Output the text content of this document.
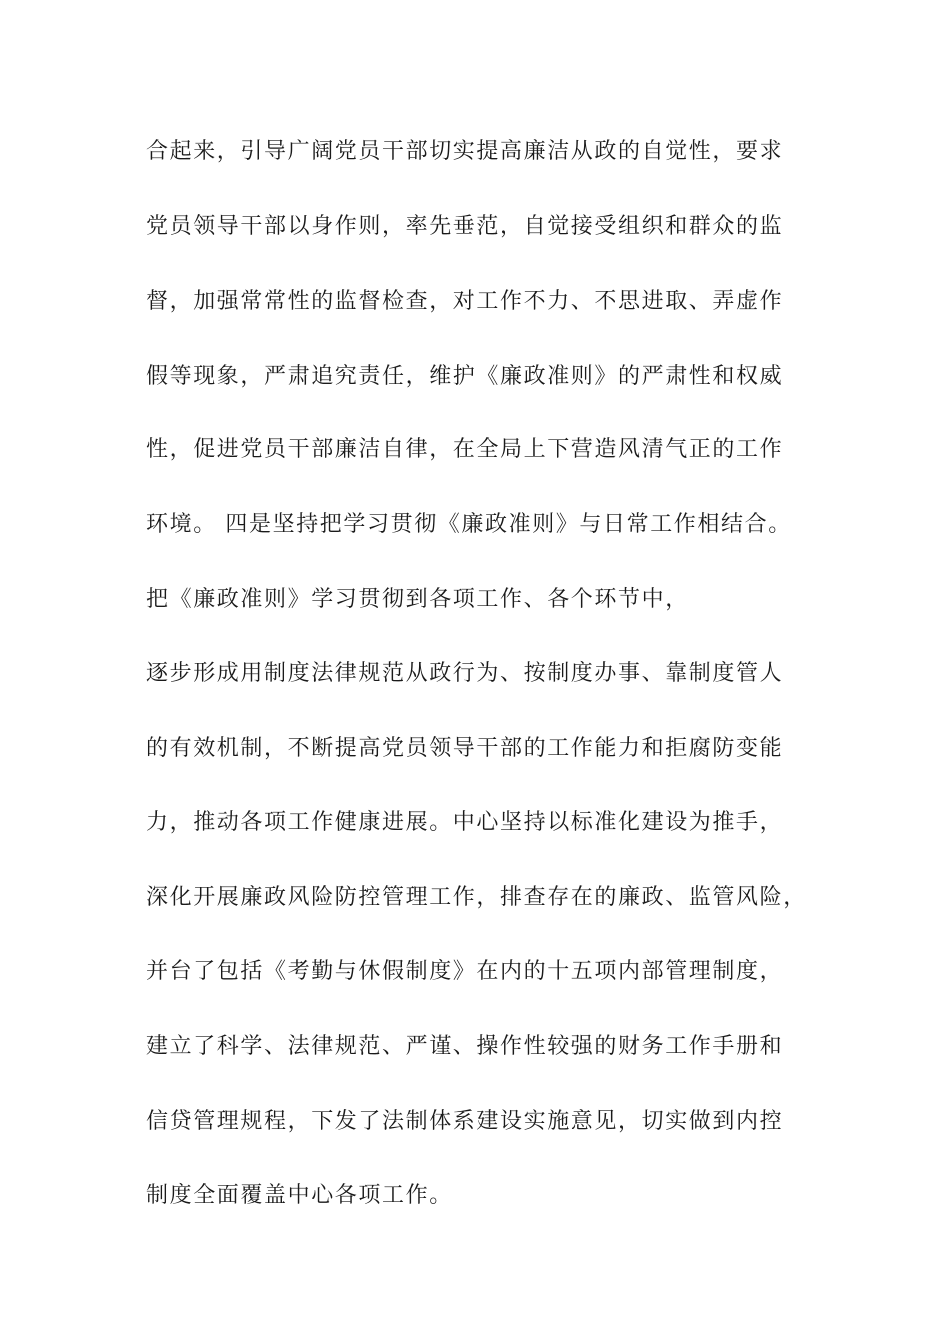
合起来，引导广阔党员干部切实提高廉洁从政的自觉性，要求
党员领导干部以身作则，率先垂范，自觉接受组织和群众的监
督，加强常常性的监督检查，对工作不力、不思进取、弄虚作
假等现象，严肃追究责任，维护《廉政准则》的严肃性和权威
性，促进党员干部廉洁自律，在全局上下营造风清气正的工作
环境。 四是坚持把学习贯彻《廉政准则》与日常工作相结合。
把《廉政准则》学习贯彻到各项工作、各个环节中，
逐步形成用制度法律规范从政行为、按制度办事、靠制度管人
的有效机制，不断提高党员领导干部的工作能力和拒腐防变能
力，推动各项工作健康进展。中心坚持以标准化建设为推手，
深化开展廉政风险防控管理工作，排查存在的廉政、监管风险，
并台了包括《考勤与休假制度》在内的十五项内部管理制度，
建立了科学、法律规范、严谨、操作性较强的财务工作手册和
信贷管理规程，下发了法制体系建设实施意见，切实做到内控
制度全面覆盖中心各项工作。
